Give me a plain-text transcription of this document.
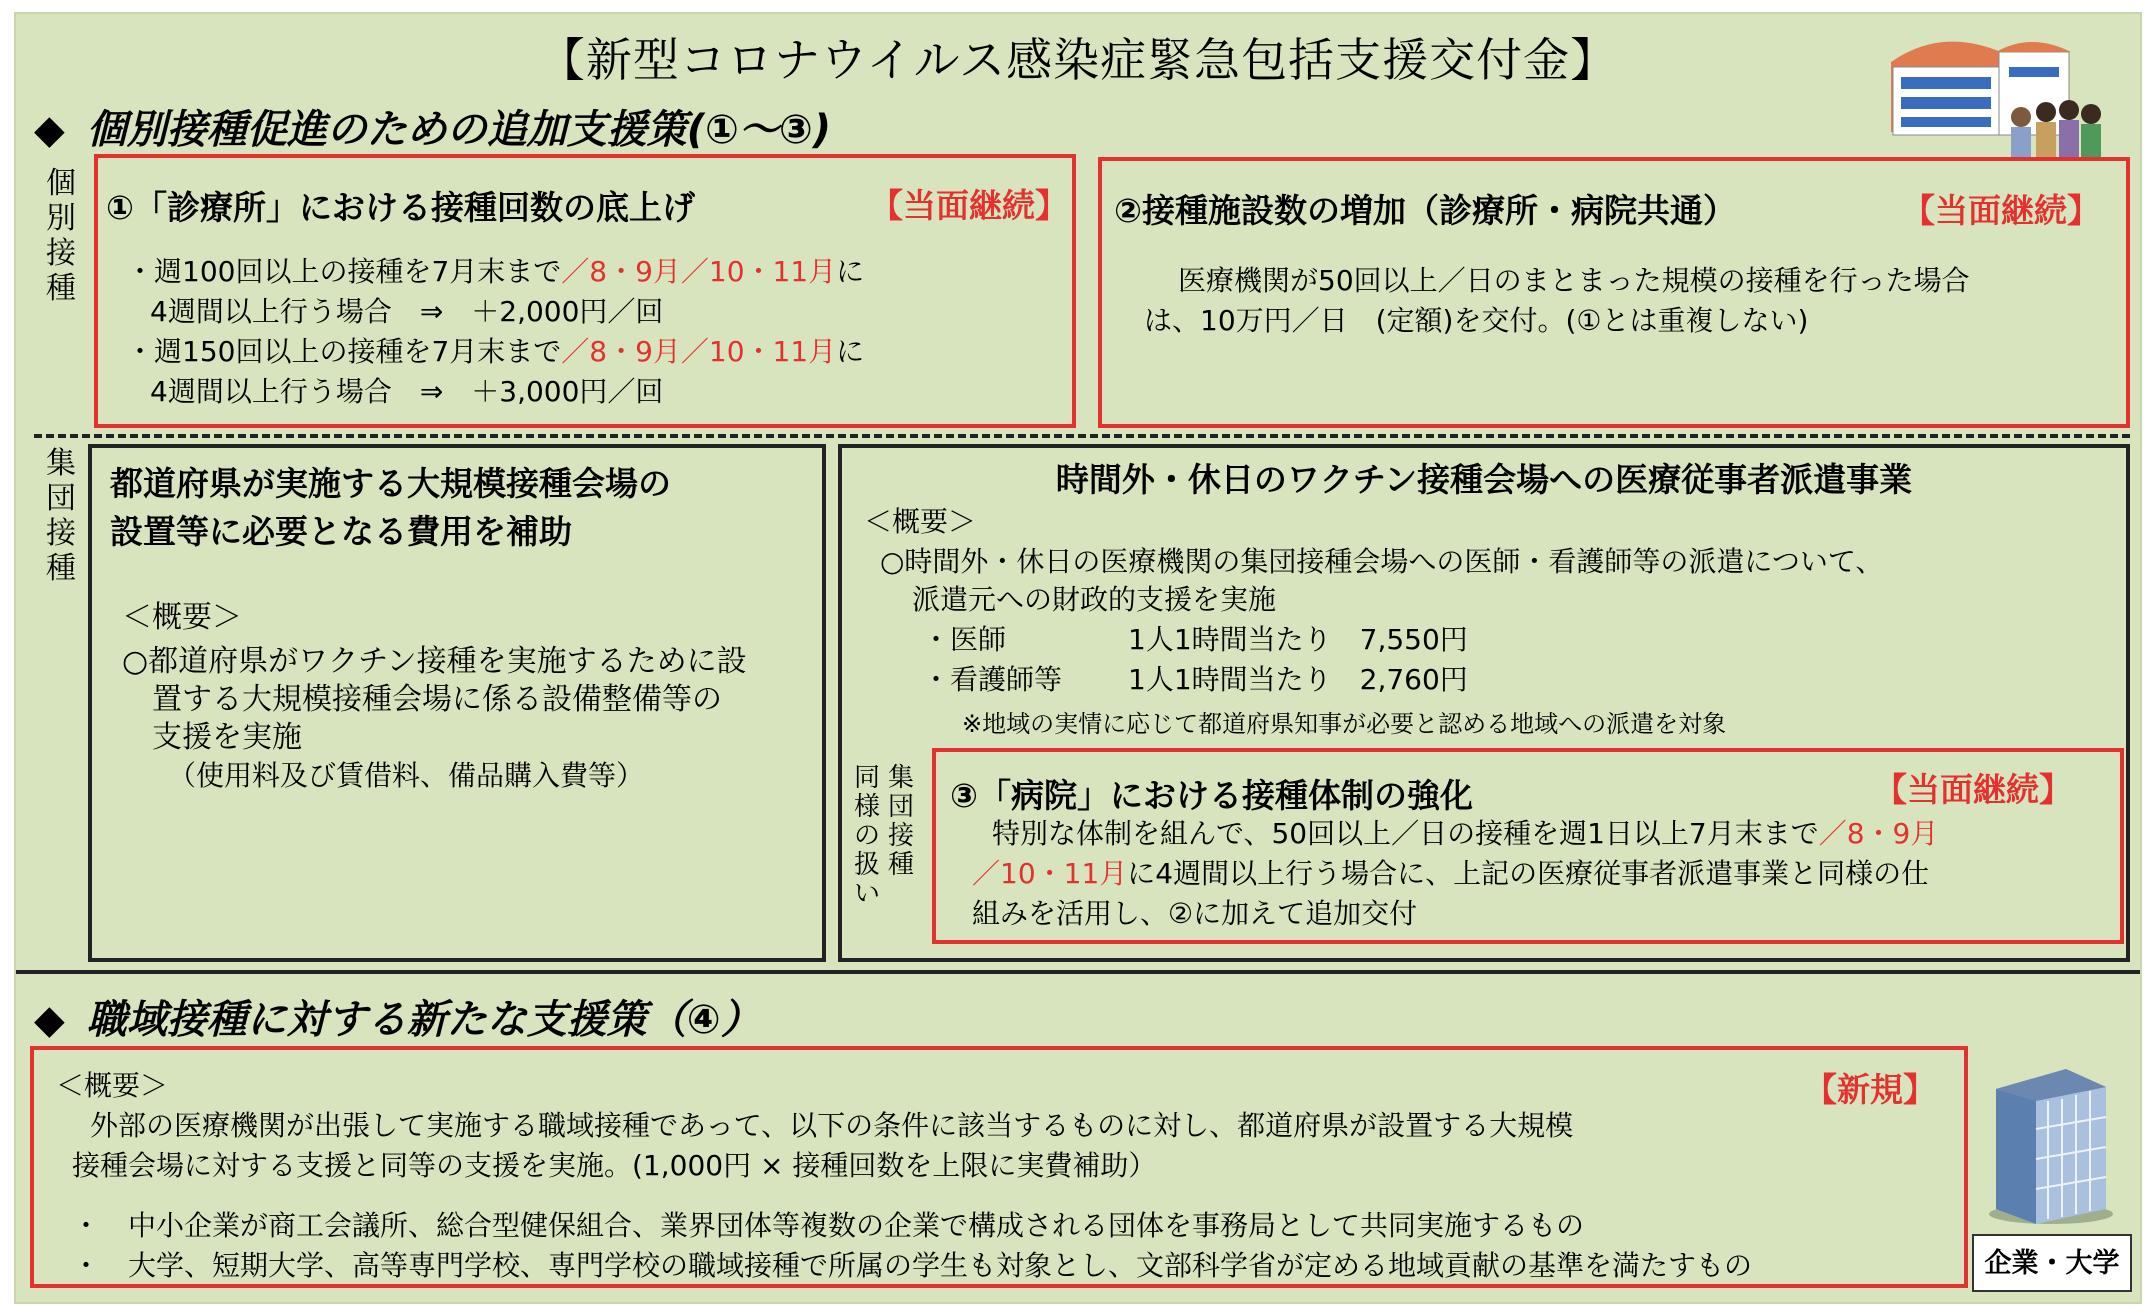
【新型コロナウイルス感染症緊急包括支援交付金】
◆ 個別接種促進のための追加支援策(①～③)
個
別
接
種
集
団
接
種
①「診療所」における接種回数の底上げ	【当面継続】
・週100回以上の接種を7月末まで／8・9月／10・11月に
4週間以上行う場合　⇒　＋2,000円／回
・週150回以上の接種を7月末まで／8・9月／10・11月に
4週間以上行う場合　⇒　＋3,000円／回
②接種施設数の増加（診療所・病院共通）	【当面継続】
医療機関が50回以上／日のまとまった規模の接種を行った場合
は、10万円／日　(定額)を交付。(①とは重複しない)
都道府県が実施する大規模接種会場の
設置等に必要となる費用を補助
＜概要＞
○都道府県がワクチン接種を実施するために設
置する大規模接種会場に係る設備整備等の
支援を実施
（使用料及び賃借料、備品購入費等）
時間外・休日のワクチン接種会場への医療従事者派遣事業
＜概要＞
○時間外・休日の医療機関の集団接種会場への医師・看護師等の派遣について、
派遣元への財政的支援を実施
・医師	1人1時間当たり　7,550円
・看護師等 1人1時間当たり　2,760円
※地域の実情に応じて都道府県知事が必要と認める地域への派遣を対象
集
団
接
種
同
様
の
扱
い
③「病院」における接種体制の強化	【当面継続】
特別な体制を組んで、50回以上／日の接種を週1日以上7月末まで／8・9月
／10・11月に4週間以上行う場合に、上記の医療従事者派遣事業と同様の仕
組みを活用し、②に加えて追加交付
◆ 職域接種に対する新たな支援策（④）
＜概要＞	【新規】
外部の医療機関が出張して実施する職域接種であって、以下の条件に該当するものに対し、都道府県が設置する大規模
接種会場に対する支援と同等の支援を実施。(1,000円 × 接種回数を上限に実費補助）
・　中小企業が商工会議所、総合型健保組合、業界団体等複数の企業で構成される団体を事務局として共同実施するもの
・　大学、短期大学、高等専門学校、専門学校の職域接種で所属の学生も対象とし、文部科学省が定める地域貢献の基準を満たすもの	企業・大学
